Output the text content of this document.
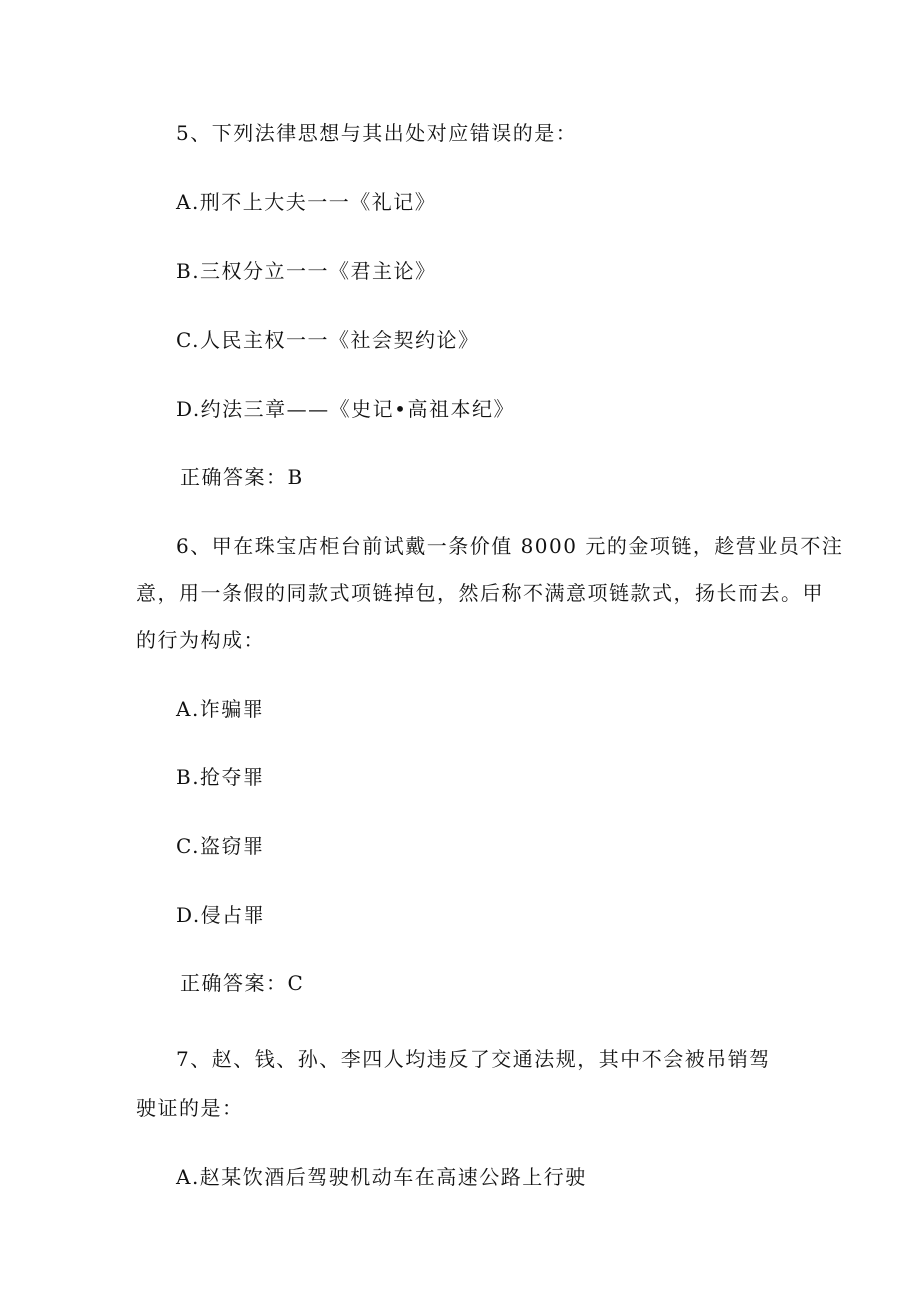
5、下列法律思想与其出处对应错误的是：
A.刑不上大夫一一《礼记》
B.三权分立一一《君主论》
C.人民主权一一《社会契约论》
D.约法三章——《史记•高祖本纪》
正确答案：B
6、甲在珠宝店柜台前试戴一条价值 8000 元的金项链，趁营业员不注
意，用一条假的同款式项链掉包，然后称不满意项链款式，扬长而去。甲
的行为构成：
A.诈骗罪
B.抢夺罪
C.盗窃罪
D.侵占罪
正确答案：C
7、赵、钱、孙、李四人均违反了交通法规，其中不会被吊销驾
驶证的是：
A.赵某饮酒后驾驶机动车在高速公路上行驶
